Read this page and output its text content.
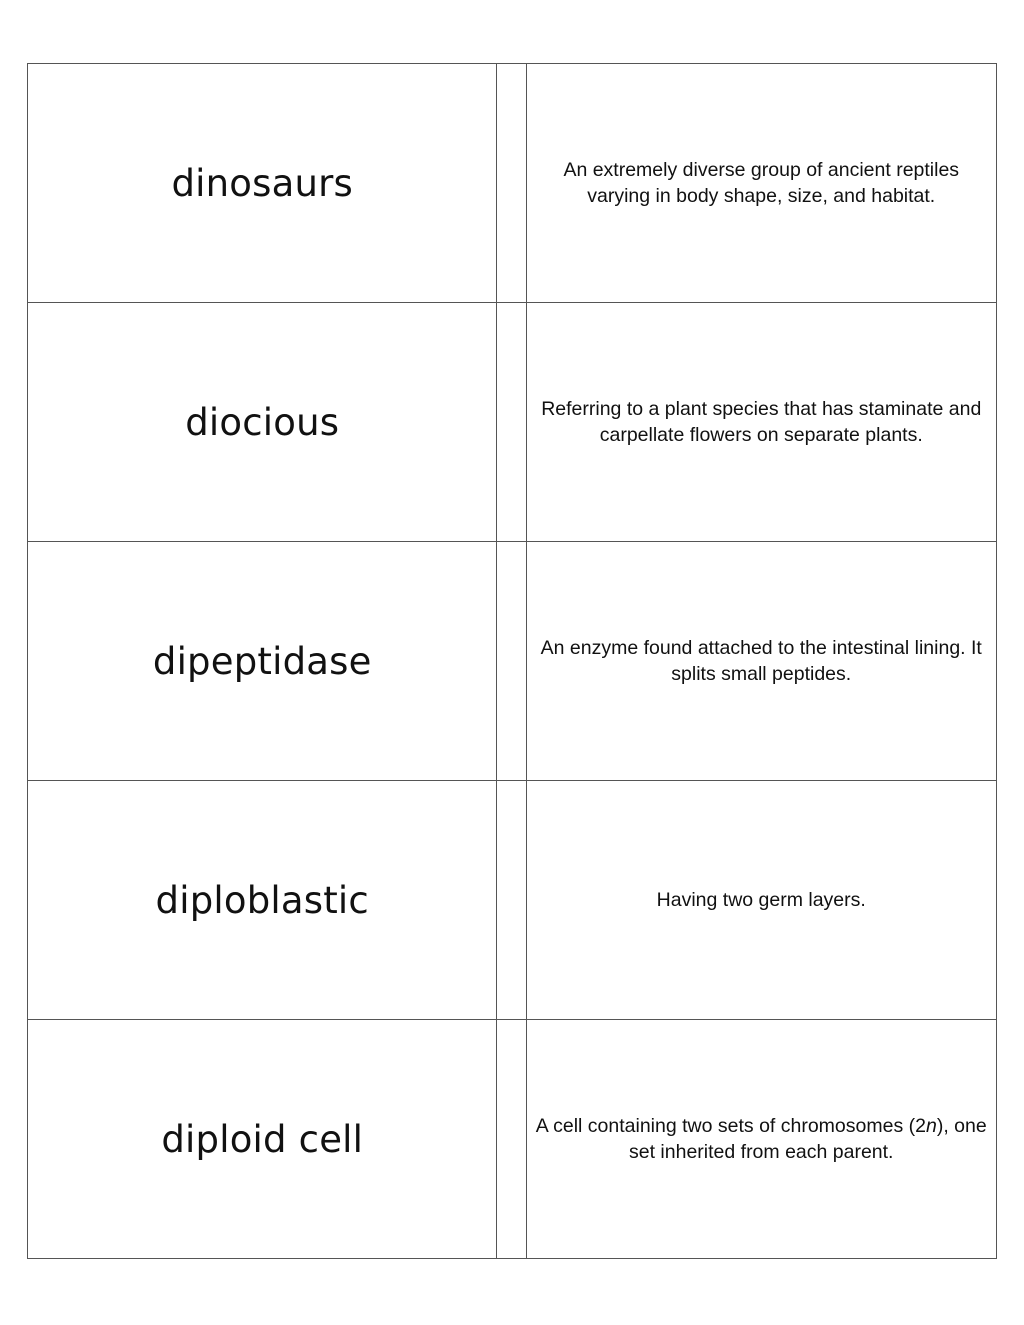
dinosaurs		An extremely diverse group of ancient reptiles varying in body shape, size, and habitat.
diocious		Referring to a plant species that has staminate and carpellate flowers on separate plants.
dipeptidase		An enzyme found attached to the intestinal lining. It splits small peptides.
diploblastic		Having two germ layers.
diploid cell		A cell containing two sets of chromosomes (2n), one set inherited from each parent.
